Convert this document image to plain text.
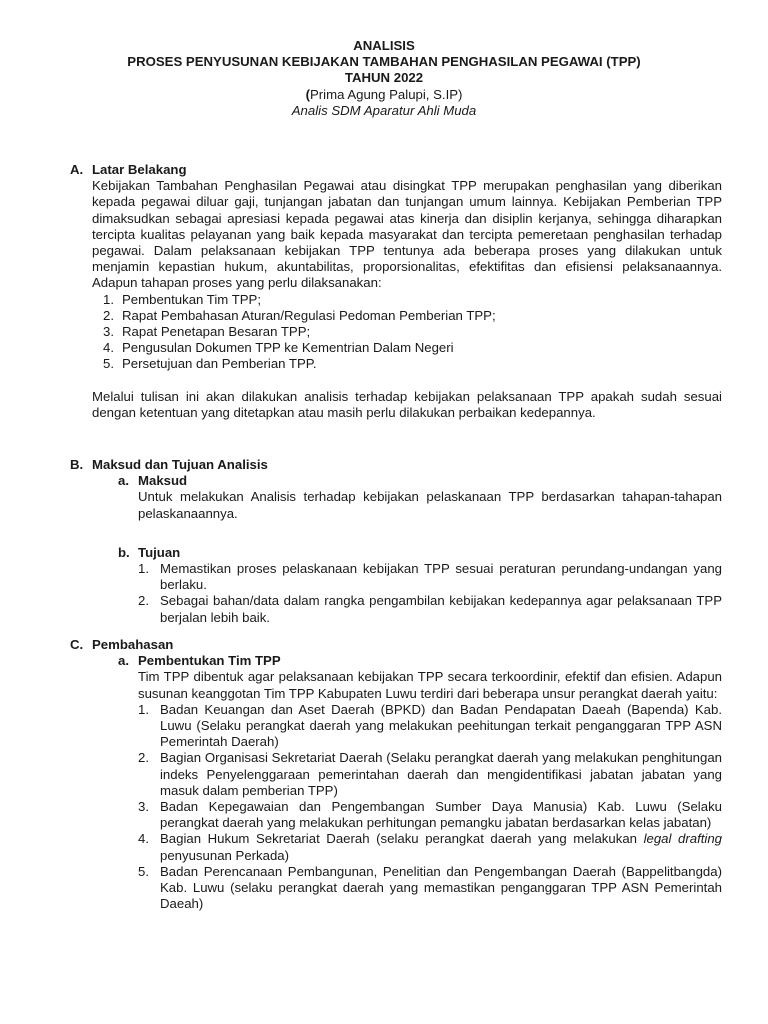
ANALISIS
PROSES PENYUSUNAN KEBIJAKAN TAMBAHAN PENGHASILAN PEGAWAI (TPP)
TAHUN 2022
(Prima Agung Palupi, S.IP)
Analis SDM Aparatur Ahli Muda
A. Latar Belakang

Kebijakan Tambahan Penghasilan Pegawai atau disingkat TPP merupakan penghasilan yang diberikan kepada pegawai diluar gaji, tunjangan jabatan dan tunjangan umum lainnya. Kebijakan Pemberian TPP dimaksudkan sebagai apresiasi kepada pegawai atas kinerja dan disiplin kerjanya, sehingga diharapkan tercipta kualitas pelayanan yang baik kepada masyarakat dan tercipta pemeretaan penghasilan terhadap pegawai. Dalam pelaksanaan kebijakan TPP tentunya ada beberapa proses yang dilakukan untuk menjamin kepastian hukum, akuntabilitas, proporsionalitas, efektifitas dan efisiensi pelaksanaannya. Adapun tahapan proses yang perlu dilaksanakan:

1. Pembentukan Tim TPP;
2. Rapat Pembahasan Aturan/Regulasi Pedoman Pemberian TPP;
3. Rapat Penetapan Besaran TPP;
4. Pengusulan Dokumen TPP ke Kementrian Dalam Negeri
5. Persetujuan dan Pemberian TPP.

Melalui tulisan ini akan dilakukan analisis terhadap kebijakan pelaksanaan TPP apakah sudah sesuai dengan ketentuan yang ditetapkan atau masih perlu dilakukan perbaikan kedepannya.

B. Maksud dan Tujuan Analisis
a. Maksud

Untuk melakukan Analisis terhadap kebijakan pelaskanaan TPP berdasarkan tahapan-tahapan pelaskanaannya.

b. Tujuan
1. Memastikan proses pelaskanaan kebijakan TPP sesuai peraturan perundang-undangan yang berlaku.
2. Sebagai bahan/data dalam rangka pengambilan kebijakan kedepannya agar pelaksanaan TPP berjalan lebih baik.
C. Pembahasan
a. Pembentukan Tim TPP

Tim TPP dibentuk agar pelaksanaan kebijakan TPP secara terkoordinir, efektif dan efisien. Adapun susunan keanggotan Tim TPP Kabupaten Luwu terdiri dari beberapa unsur perangkat daerah yaitu:

1. Badan Keuangan dan Aset Daerah (BPKD) dan Badan Pendapatan Daeah (Bapenda) Kab. Luwu (Selaku perangkat daerah yang melakukan peehitungan terkait penganggaran TPP ASN Pemerintah Daerah)
2. Bagian Organisasi Sekretariat Daerah (Selaku perangkat daerah yang melakukan penghitungan indeks Penyelenggaraan pemerintahan daerah dan mengidentifikasi jabatan jabatan yang masuk dalam pemberian TPP)
3. Badan Kepegawaian dan Pengembangan Sumber Daya Manusia) Kab. Luwu (Selaku perangkat daerah yang melakukan perhitungan pemangku jabatan berdasarkan kelas jabatan)
4. Bagian Hukum Sekretariat Daerah (selaku perangkat daerah yang melakukan legal drafting penyusunan Perkada)
5. Badan Perencanaan Pembangunan, Penelitian dan Pengembangan Daerah (Bappelitbangda) Kab. Luwu (selaku perangkat daerah yang memastikan penganggaran TPP ASN Pemerintah Daeah)
